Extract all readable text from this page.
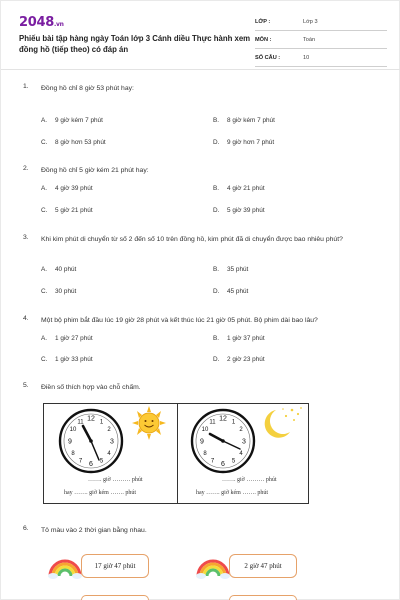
2048.vn
Phiếu bài tập hàng ngày Toán lớp 3 Cánh diều Thực hành xem đồng hồ (tiếp theo) có đáp án
LỚP :	Lớp 3
MÔN :	Toán
SỐ CÂU :	10
1. Đồng hồ chỉ 8 giờ 53 phút hay:
A. 9 giờ kém 7 phút	B. 8 giờ kém 7 phút
C. 8 giờ hơn 53 phút	D. 9 giờ hơn 7 phút
2. Đồng hồ chỉ 5 giờ kém 21 phút hay:
A. 4 giờ 39 phút	B. 4 giờ 21 phút
C. 5 giờ 21 phút	D. 5 giờ 39 phút
3. Khi kim phút di chuyển từ số 2 đến số 10 trên đồng hồ, kim phút đã di chuyển được bao nhiêu phút?
A. 40 phút	B. 35 phút
C. 30 phút	D. 45 phút
4. Một bộ phim bắt đầu lúc 19 giờ 28 phút và kết thúc lúc 21 giờ 05 phút. Bộ phim dài bao lâu?
A. 1 giờ 27 phút	B. 1 giờ 37 phút
C. 1 giờ 33 phút	D. 2 giờ 23 phút
5. Điền số thích hợp vào chỗ chấm.
12 1
2
3
4
5
6
7
8
9
10
11	12 1
2
3
4
5
6
7
8
9
10
11
……. giờ ……… phút
hay ……. giờ kém ……. phút
……. giờ ……… phút
hay ……. giờ kém ……. phút
6. Tô màu vào 2 thời gian bằng nhau.
17 giờ 47 phút	2 giờ 47 phút
